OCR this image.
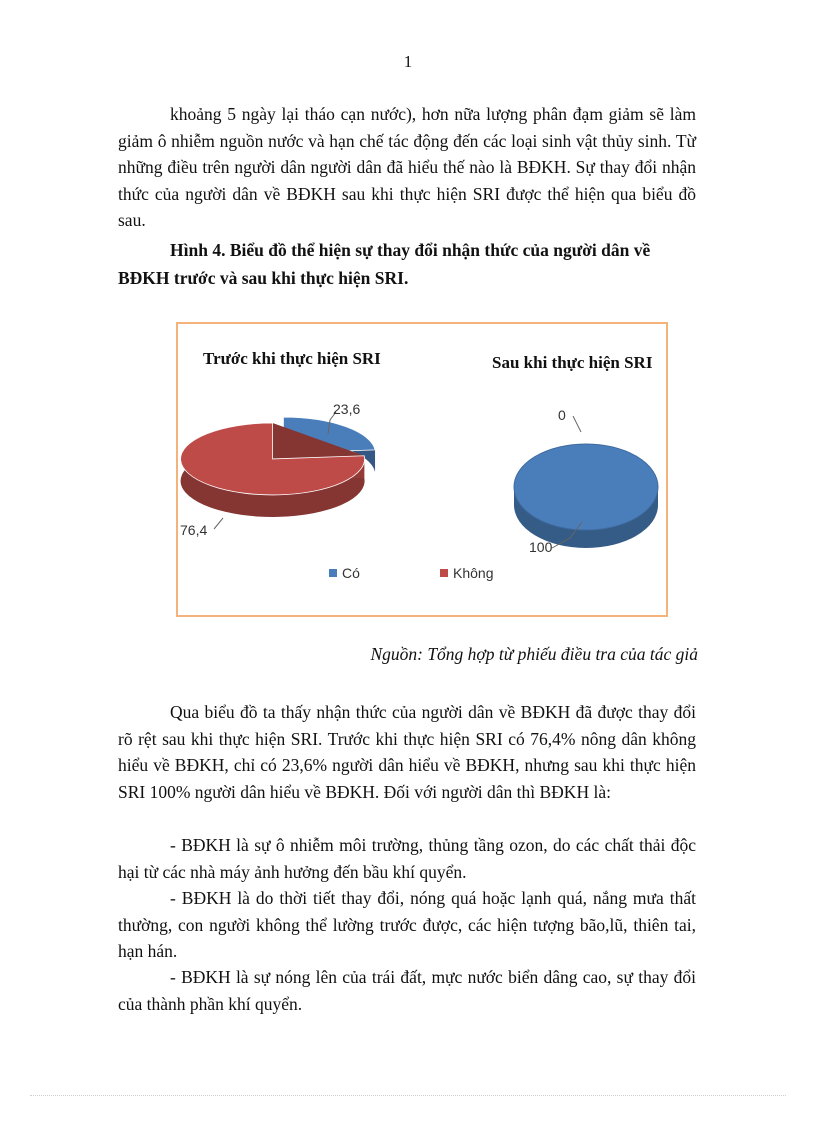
1

khoảng 5 ngày lại tháo cạn nước), hơn nữa lượng phân đạm giảm sẽ làm giảm ô nhiễm nguồn nước và hạn chế tác động đến các loại sinh vật thủy sinh. Từ những điều trên người dân người dân đã hiểu thế nào là BĐKH. Sự thay đổi nhận thức của người dân về BĐKH sau khi thực hiện SRI được thể hiện qua biểu đồ sau.

Hình 4. Biểu đồ thể hiện sự thay đổi nhận thức của người dân về BĐKH trước và sau khi thực hiện SRI.

Trước khi thực hiện SRI	Sau khi thực hiện SRI
23,6
76,4
100
0
Có	Không
Nguồn: Tổng hợp từ phiếu điều tra của tác giả

Qua biểu đồ ta thấy nhận thức của người dân về BĐKH đã được thay đổi rõ rệt sau khi thực hiện SRI. Trước khi thực hiện SRI có 76,4% nông dân không hiểu về BĐKH, chỉ có 23,6% người dân hiểu về BĐKH, nhưng sau khi thực hiện SRI 100% người dân hiểu về BĐKH. Đối với người dân thì BĐKH là:

- BĐKH là sự ô nhiễm môi trường, thủng tầng ozon, do các chất thải độc hại từ các nhà máy ảnh hưởng đến bầu khí quyển.

- BĐKH là do thời tiết thay đổi, nóng quá hoặc lạnh quá, nắng mưa thất thường, con người không thể lường trước được, các hiện tượng bão,lũ, thiên tai, hạn hán.

- BĐKH là sự nóng lên của trái đất, mực nước biển dâng cao, sự thay đổi của thành phần khí quyển.
